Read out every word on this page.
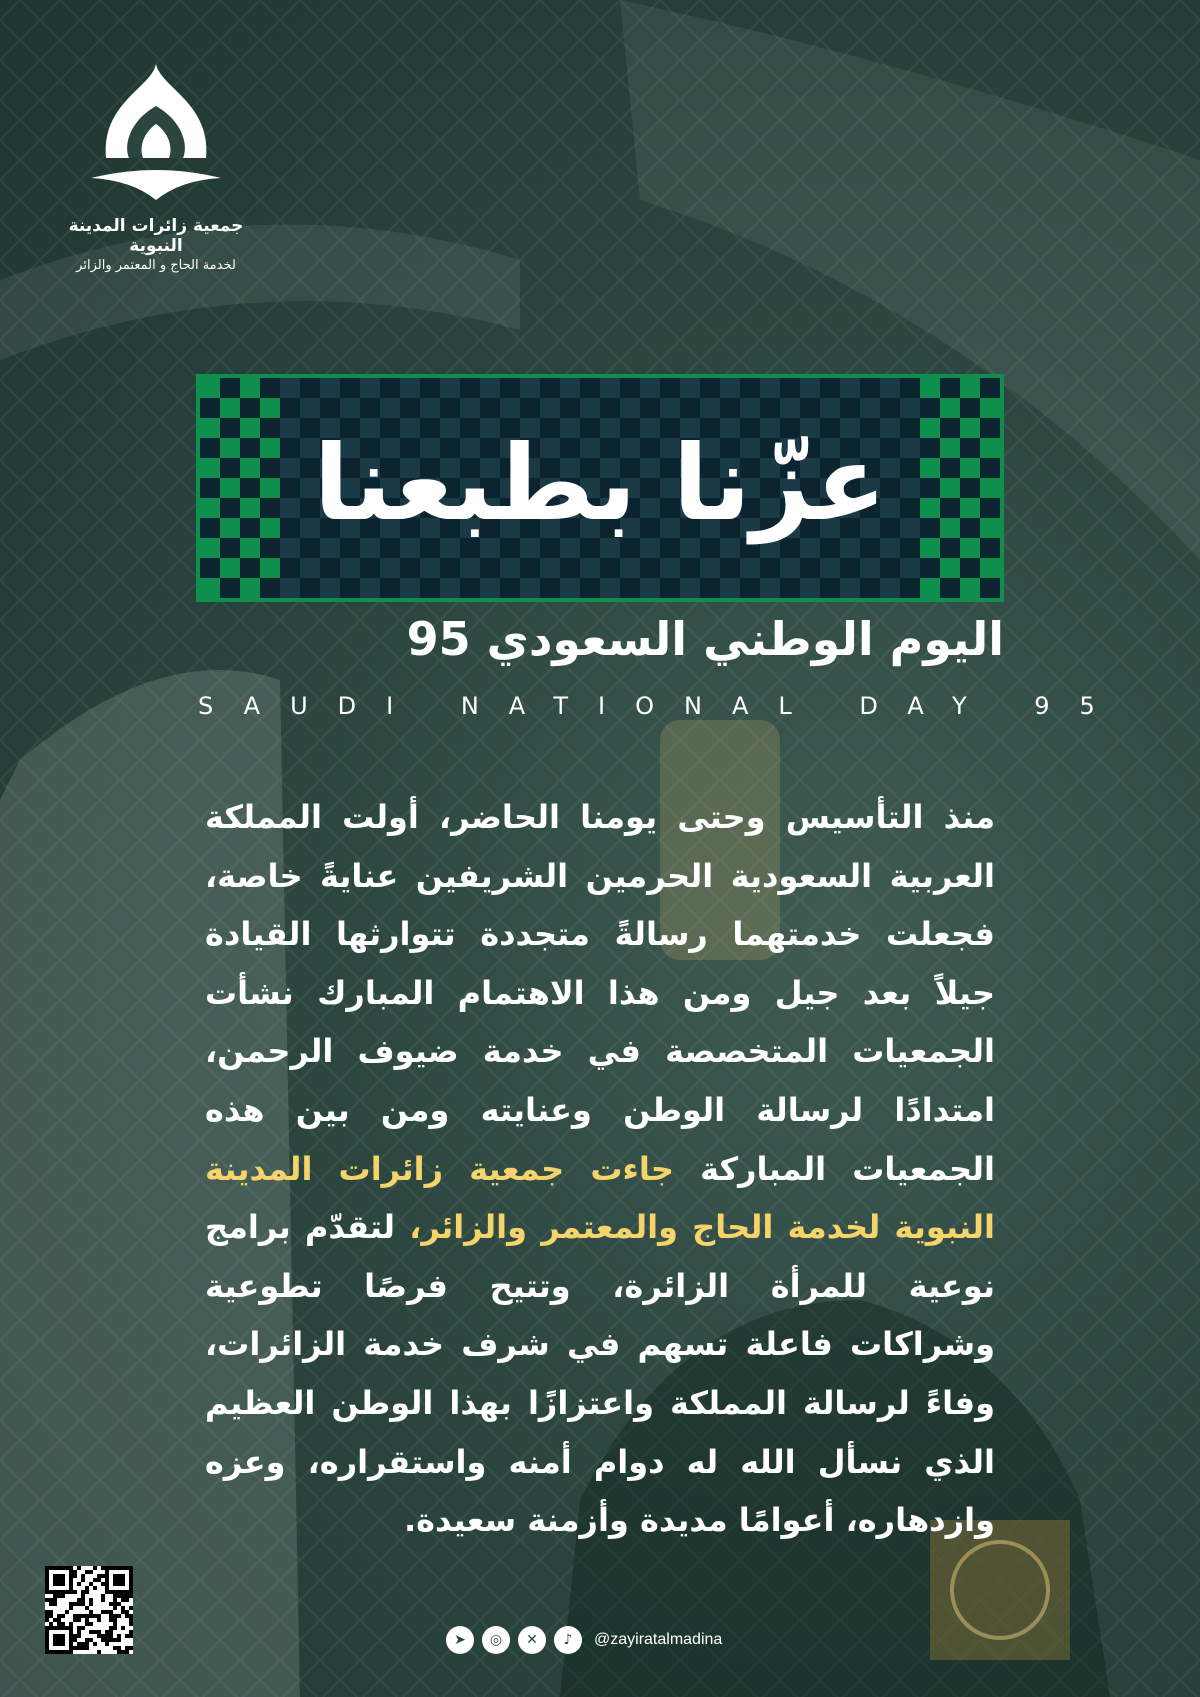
جمعية زائرات المدينة النبوية
لخدمة الحاج و المعتمر والزائر
عزّنا بطبعنا
اليوم الوطني السعودي 95
SAUDI NATIONAL DAY 95
منذ التأسيس وحتى يومنا الحاضر، أولت المملكة العربية السعودية الحرمين الشريفين عنايةً خاصة، فجعلت خدمتهما رسالةً متجددة تتوارثها القيادة جيلاً بعد جيل ومن هذا الاهتمام المبارك نشأت الجمعيات المتخصصة في خدمة ضيوف الرحمن، امتدادًا لرسالة الوطن وعنايته ومن بين هذه الجمعيات المباركة جاءت جمعية زائرات المدينة النبوية لخدمة الحاج والمعتمر والزائر، لتقدّم برامج نوعية للمرأة الزائرة، وتتيح فرصًا تطوعية وشراكات فاعلة تسهم في شرف خدمة الزائرات، وفاءً لرسالة المملكة واعتزازًا بهذا الوطن العظيم الذي نسأل الله له دوام أمنه واستقراره، وعزه وازدهاره، أعوامًا مديدة وأزمنة سعيدة.
➤	◎	✕	♪	@zayiratalmadina
